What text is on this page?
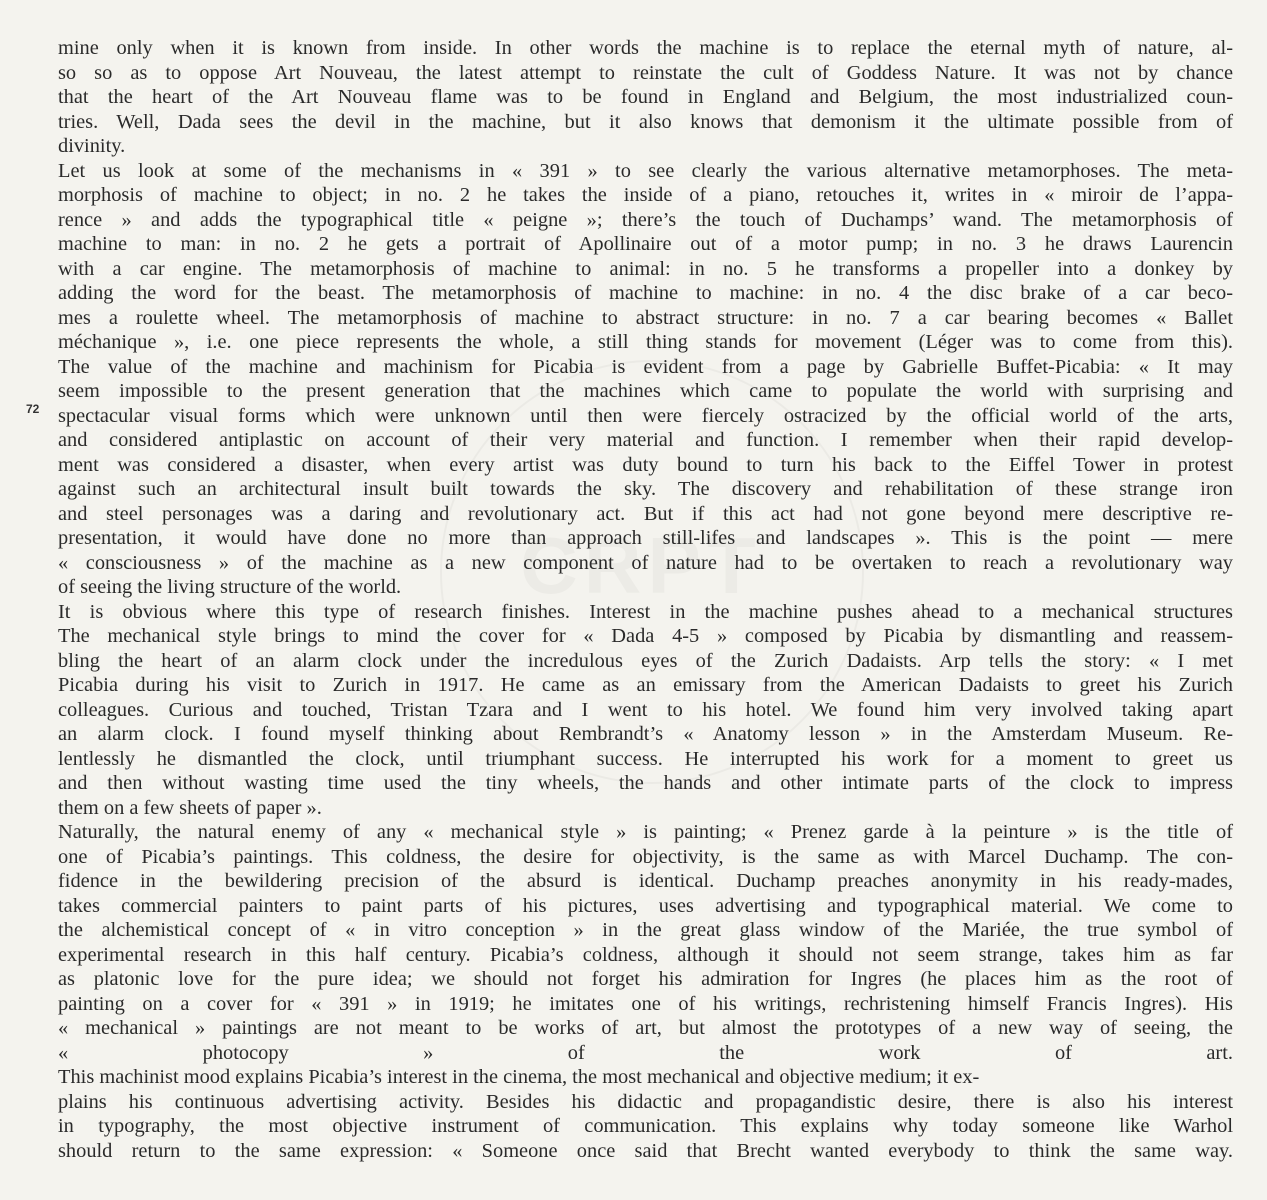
72
mine only when it is known from inside. In other words the machine is to replace the eternal myth of nature, al-
so so as to oppose Art Nouveau, the latest attempt to reinstate the cult of Goddess Nature. It was not by chance
that the heart of the Art Nouveau flame was to be found in England and Belgium, the most industrialized coun-
tries. Well, Dada sees the devil in the machine, but it also knows that demonism it the ultimate possible from of
divinity.
Let us look at some of the mechanisms in « 391 » to see clearly the various alternative metamorphoses. The meta-
morphosis of machine to object; in no. 2 he takes the inside of a piano, retouches it, writes in « miroir de l’appa-
rence » and adds the typographical title « peigne »; there’s the touch of Duchamps’ wand. The metamorphosis of
machine to man: in no. 2 he gets a portrait of Apollinaire out of a motor pump; in no. 3 he draws Laurencin
with a car engine. The metamorphosis of machine to animal: in no. 5 he transforms a propeller into a donkey by
adding the word for the beast. The metamorphosis of machine to machine: in no. 4 the disc brake of a car beco-
mes a roulette wheel. The metamorphosis of machine to abstract structure: in no. 7 a car bearing becomes « Ballet
méchanique », i.e. one piece represents the whole, a still thing stands for movement (Léger was to come from this).
The value of the machine and machinism for Picabia is evident from a page by Gabrielle Buffet-Picabia: « It may
seem impossible to the present generation that the machines which came to populate the world with surprising and
spectacular visual forms which were unknown until then were fiercely ostracized by the official world of the arts,
and considered antiplastic on account of their very material and function. I remember when their rapid develop-
ment was considered a disaster, when every artist was duty bound to turn his back to the Eiffel Tower in protest
against such an architectural insult built towards the sky. The discovery and rehabilitation of these strange iron
and steel personages was a daring and revolutionary act. But if this act had not gone beyond mere descriptive re-
presentation, it would have done no more than approach still-lifes and landscapes ». This is the point — mere
« consciousness » of the machine as a new component of nature had to be overtaken to reach a revolutionary way
of seeing the living structure of the world.
It is obvious where this type of research finishes. Interest in the machine pushes ahead to a mechanical structures
The mechanical style brings to mind the cover for « Dada 4-5 » composed by Picabia by dismantling and reassem-
bling the heart of an alarm clock under the incredulous eyes of the Zurich Dadaists. Arp tells the story: « I met
Picabia during his visit to Zurich in 1917. He came as an emissary from the American Dadaists to greet his Zurich
colleagues. Curious and touched, Tristan Tzara and I went to his hotel. We found him very involved taking apart
an alarm clock. I found myself thinking about Rembrandt’s « Anatomy lesson » in the Amsterdam Museum. Re-
lentlessly he dismantled the clock, until triumphant success. He interrupted his work for a moment to greet us
and then without wasting time used the tiny wheels, the hands and other intimate parts of the clock to impress
them on a few sheets of paper ».
Naturally, the natural enemy of any « mechanical style » is painting; « Prenez garde à la peinture » is the title of
one of Picabia’s paintings. This coldness, the desire for objectivity, is the same as with Marcel Duchamp. The con-
fidence in the bewildering precision of the absurd is identical. Duchamp preaches anonymity in his ready-mades,
takes commercial painters to paint parts of his pictures, uses advertising and typographical material. We come to
the alchemistical concept of « in vitro conception » in the great glass window of the Mariée, the true symbol of
experimental research in this half century. Picabia’s coldness, although it should not seem strange, takes him as far
as platonic love for the pure idea; we should not forget his admiration for Ingres (he places him as the root of
painting on a cover for « 391 » in 1919; he imitates one of his writings, rechristening himself Francis Ingres). His
« mechanical » paintings are not meant to be works of art, but almost the prototypes of a new way of seeing, the
« photocopy » of the work of art.
This machinist mood explains Picabia’s interest in the cinema, the most mechanical and objective medium; it ex-
plains his continuous advertising activity. Besides his didactic and propagandistic desire, there is also his interest
in typography, the most objective instrument of communication. This explains why today someone like Warhol
should return to the same expression: « Someone once said that Brecht wanted everybody to think the same way.
